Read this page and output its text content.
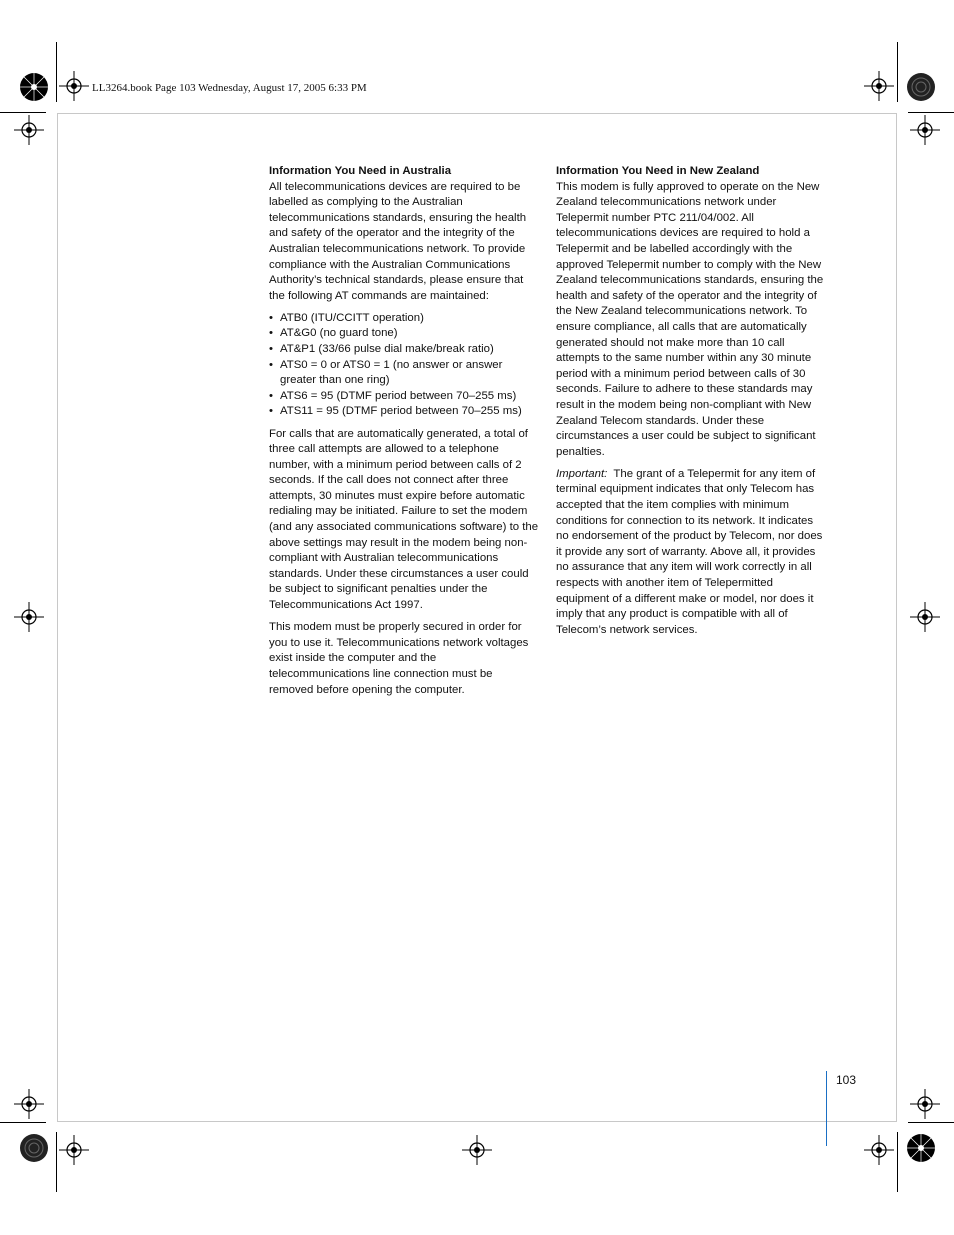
LL3264.book Page 103 Wednesday, August 17, 2005 6:33 PM
Information You Need in Australia

All telecommunications devices are required to be labelled as complying to the Australian telecommunications standards, ensuring the health and safety of the operator and the integrity of the Australian telecommunications network. To provide compliance with the Australian Communications Authority’s technical standards, please ensure that the following AT commands are maintained:

• ATB0 (ITU/CCITT operation)
• AT&G0 (no guard tone)
• AT&P1 (33/66 pulse dial make/break ratio)
• ATS0 = 0 or ATS0 = 1 (no answer or answer greater than one ring)
• ATS6 = 95 (DTMF period between 70–255 ms)
• ATS11 = 95 (DTMF period between 70–255 ms)

For calls that are automatically generated, a total of three call attempts are allowed to a telephone number, with a minimum period between calls of 2 seconds. If the call does not connect after three attempts, 30 minutes must expire before automatic redialing may be initiated. Failure to set the modem (and any associated communications software) to the above settings may result in the modem being non-compliant with Australian telecommunications standards. Under these circumstances a user could be subject to significant penalties under the Telecommunications Act 1997.

This modem must be properly secured in order for you to use it. Telecommunications network voltages exist inside the computer and the telecommunications line connection must be removed before opening the computer.

Information You Need in New Zealand

This modem is fully approved to operate on the New Zealand telecommunications network under Telepermit number PTC 211/04/002. All telecommunications devices are required to hold a Telepermit and be labelled accordingly with the approved Telepermit number to comply with the New Zealand telecommunications standards, ensuring the health and safety of the operator and the integrity of the New Zealand telecommunications network. To ensure compliance, all calls that are automatically generated should not make more than 10 call attempts to the same number within any 30 minute period with a minimum period between calls of 30 seconds. Failure to adhere to these standards may result in the modem being non-compliant with New Zealand Telecom standards. Under these circumstances a user could be subject to significant penalties.

Important: The grant of a Telepermit for any item of terminal equipment indicates that only Telecom has accepted that the item complies with minimum conditions for connection to its network. It indicates no endorsement of the product by Telecom, nor does it provide any sort of warranty. Above all, it provides no assurance that any item will work correctly in all respects with another item of Telepermitted equipment of a different make or model, nor does it imply that any product is compatible with all of Telecom’s network services.

103
